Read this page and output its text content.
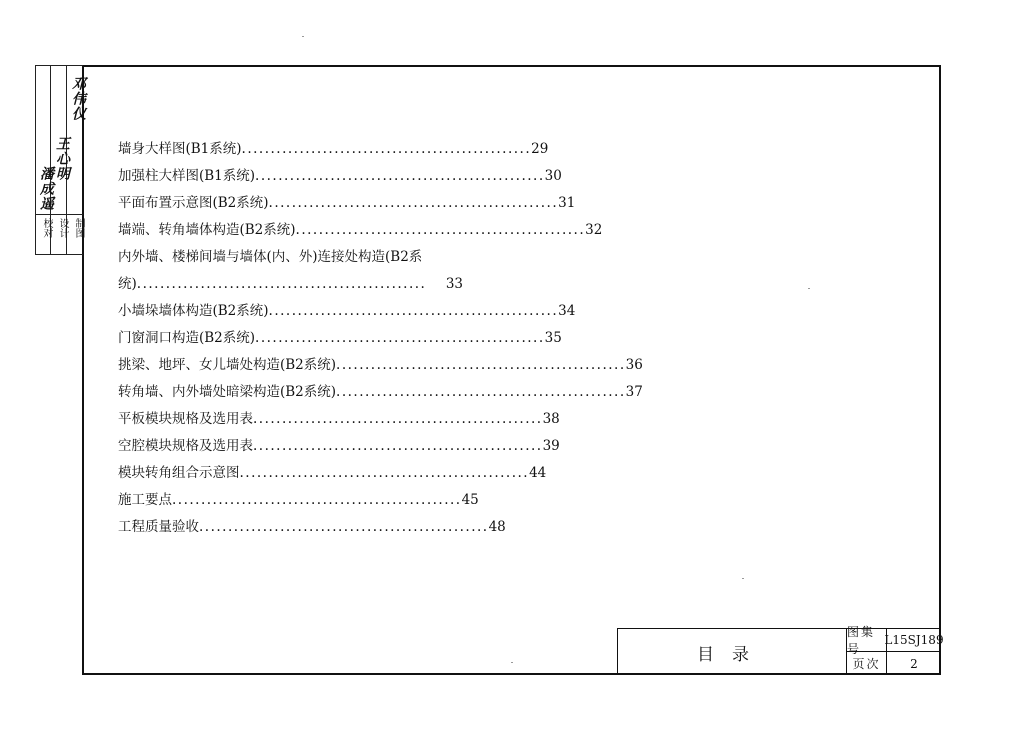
校对 设计 制图
潘成遥
王心明
邓伟仪
墙身大样图(B1系统) .................................................. 29
加强柱大样图(B1系统) .................................................. 30
平面布置示意图(B2系统) .................................................. 31
墙端、转角墙体构造(B2系统) .................................................. 32
内外墙、楼梯间墙与墙体(内、外)连接处构造(B2系
统) ..................................................	33
小墙垛墙体构造(B2系统) .................................................. 34
门窗洞口构造(B2系统) .................................................. 35
挑梁、地坪、女儿墙处构造(B2系统) .................................................. 36
转角墙、内外墙处暗梁构造(B2系统) .................................................. 37
平板模块规格及选用表 .................................................. 38
空腔模块规格及选用表 .................................................. 39
模块转角组合示意图 .................................................. 44
施工要点 .................................................. 45
工程质量验收 .................................................. 48
目录
图集号
L15SJ189
页次	2
